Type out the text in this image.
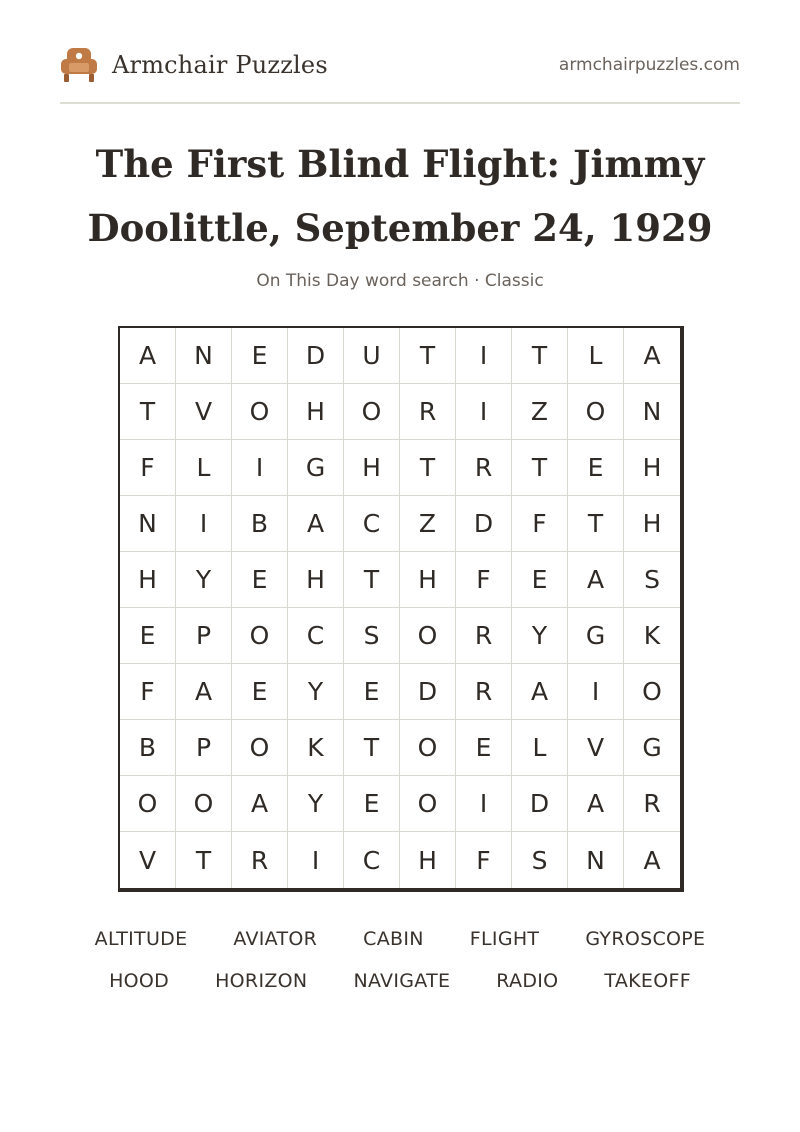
Armchair Puzzles	armchairpuzzles.com
The First Blind Flight: Jimmy Doolittle, September 24, 1929
On This Day word search · Classic
A	N	E	D	U	T	I	T	L	A
T	V	O	H	O	R	I	Z	O	N
F	L	I	G	H	T	R	T	E	H
N	I	B	A	C	Z	D	F	T	H
H	Y	E	H	T	H	F	E	A	S
E	P	O	C	S	O	R	Y	G	K
F	A	E	Y	E	D	R	A	I	O
B	P	O	K	T	O	E	L	V	G
O	O	A	Y	E	O	I	D	A	R
V	T	R	I	C	H	F	S	N	A
ALTITUDE AVIATOR CABIN FLIGHT GYROSCOPE
HOOD HORIZON NAVIGATE RADIO TAKEOFF
